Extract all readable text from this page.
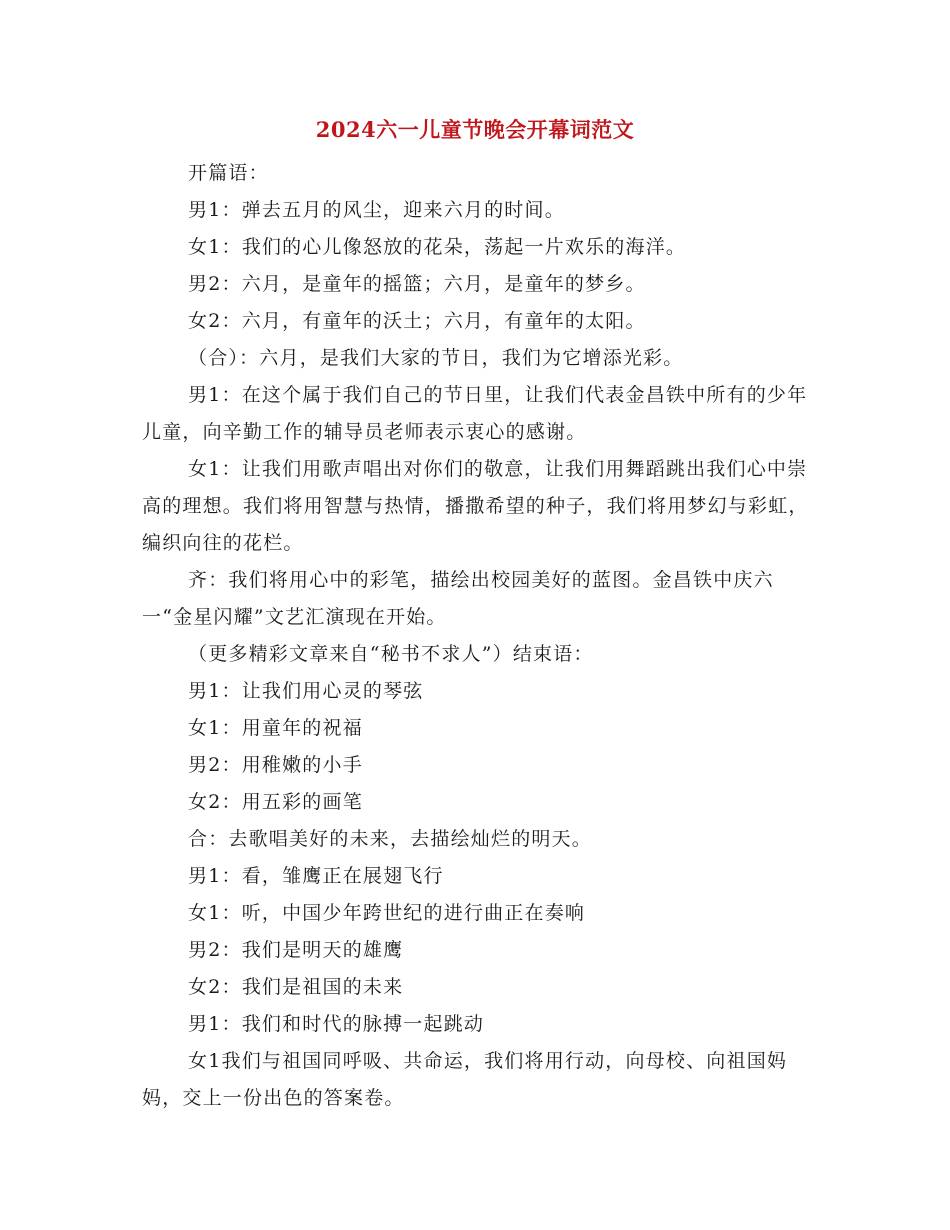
2024六一儿童节晚会开幕词范文

开篇语：

男1：弹去五月的风尘，迎来六月的时间。

女1：我们的心儿像怒放的花朵，荡起一片欢乐的海洋。

男2：六月，是童年的摇篮；六月，是童年的梦乡。

女2：六月，有童年的沃土；六月，有童年的太阳。

（合）：六月，是我们大家的节日，我们为它增添光彩。

男1：在这个属于我们自己的节日里，让我们代表金昌铁中所有的少年儿童，向辛勤工作的辅导员老师表示衷心的感谢。

女1：让我们用歌声唱出对你们的敬意，让我们用舞蹈跳出我们心中崇高的理想。我们将用智慧与热情，播撒希望的种子，我们将用梦幻与彩虹，编织向往的花栏。

齐：我们将用心中的彩笔，描绘出校园美好的蓝图。金昌铁中庆六一“金星闪耀”文艺汇演现在开始。

（更多精彩文章来自“秘书不求人”）结束语：

男1：让我们用心灵的琴弦

女1：用童年的祝福

男2：用稚嫩的小手

女2：用五彩的画笔

合：去歌唱美好的未来，去描绘灿烂的明天。

男1：看，雏鹰正在展翅飞行

女1：听，中国少年跨世纪的进行曲正在奏响

男2：我们是明天的雄鹰

女2：我们是祖国的未来

男1：我们和时代的脉搏一起跳动

女1我们与祖国同呼吸、共命运，我们将用行动，向母校、向祖国妈妈，交上一份出色的答案卷。
